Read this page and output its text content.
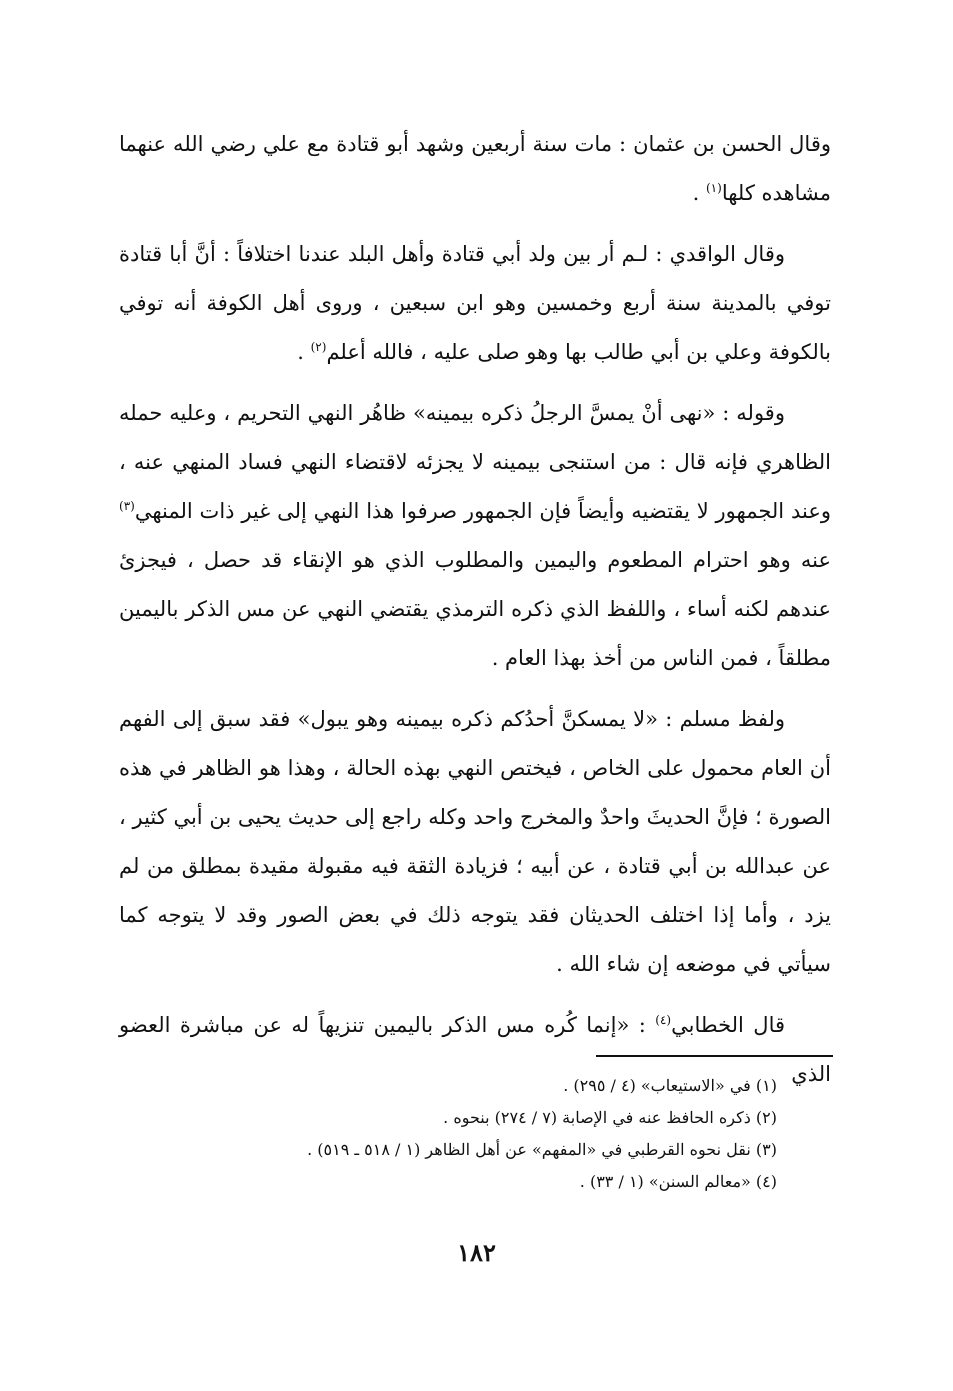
وقال الحسن بن عثمان : مات سنة أربعين وشهد أبو قتادة مع علي رضي الله عنهما مشاهده كلها$^{(١)}$ .

وقال الواقدي : لـم أر بين ولد أبي قتادة وأهل البلد عندنا اختلافاً : أنَّ أبا قتادة توفي بالمدينة سنة أربع وخمسين وهو ابن سبعين ، وروى أهل الكوفة أنه توفي بالكوفة وعلي بن أبي طالب بها وهو صلى عليه ، فالله أعلم$^{(٢)}$ .

وقوله : «نهى أنْ يمسَّ الرجلُ ذكره بيمينه» ظاهُر النهي التحريم ، وعليه حمله الظاهري فإنه قال : من استنجى بيمينه لا يجزئه لاقتضاء النهي فساد المنهي عنه ، وعند الجمهور لا يقتضيه وأيضاً فإن الجمهور صرفوا هذا النهي إلى غير ذات المنهي$^{(٣)}$ عنه وهو احترام المطعوم واليمين والمطلوب الذي هو الإنقاء قد حصل ، فيجزئ عندهم لكنه أساء ، واللفظ الذي ذكره الترمذي يقتضي النهي عن مس الذكر باليمين مطلقاً ، فمن الناس من أخذ بهذا العام .

ولفظ مسلم : «لا يمسكنَّ أحدُكم ذكره بيمينه وهو يبول» فقد سبق إلى الفهم أن العام محمول على الخاص ، فيختص النهي بهذه الحالة ، وهذا هو الظاهر في هذه الصورة ؛ فإنَّ الحديثَ واحدٌ والمخرج واحد وكله راجع إلى حديث يحيى بن أبي كثير ، عن عبدالله بن أبي قتادة ، عن أبيه ؛ فزيادة الثقة فيه مقبولة مقيدة بمطلق من لم يزد ، وأما إذا اختلف الحديثان فقد يتوجه ذلك في بعض الصور وقد لا يتوجه كما سيأتي في موضعه إن شاء الله .

قال الخطابي$^{(٤)}$ : «إنما كُره مس الذكر باليمين تنزيهاً له عن مباشرة العضو الذي

(١) في «الاستيعاب» (٤ / ٢٩٥) .
(٢) ذكره الحافظ عنه في الإصابة (٧ / ٢٧٤) بنحوه .
(٣) نقل نحوه القرطبي في «المفهم» عن أهل الظاهر (١ / ٥١٨ ـ ٥١٩) .
(٤) «معالم السنن» (١ / ٣٣) .
١٨٢
